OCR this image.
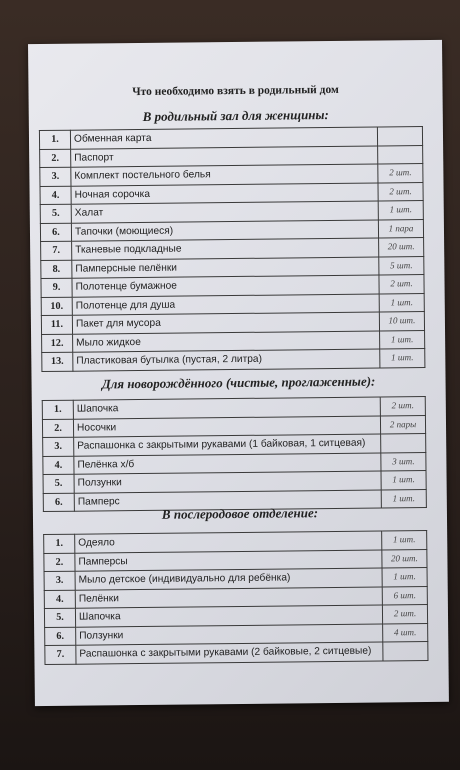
Что необходимо взять в родильный дом
В родильный зал для женщины:
1.	Обменная карта	
2.	Паспорт	
3.	Комплект постельного белья	2 шт.
4.	Ночная сорочка	2 шт.
5.	Халат	1 шт.
6.	Тапочки (моющиеся)	1 пара
7.	Тканевые подкладные	20 шт.
8.	Памперсные пелёнки	5 шт.
9.	Полотенце бумажное	2 шт.
10.	Полотенце для душа	1 шт.
11.	Пакет для мусора	10 шт.
12.	Мыло жидкое	1 шт.
13.	Пластиковая бутылка (пустая, 2 литра)	1 шт.
Для новорождённого (чистые, проглаженные):
1.	Шапочка	2 шт.
2.	Носочки	2 пары
3.	Распашонка с закрытыми рукавами (1 байковая, 1 ситцевая)	
4.	Пелёнка х/б	3 шт.
5.	Ползунки	1 шт.
6.	Памперс	1 шт.
В послеродовое отделение:
1.	Одеяло	1 шт.
2.	Памперсы	20 шт.
3.	Мыло детское (индивидуально для ребёнка)	1 шт.
4.	Пелёнки	6 шт.
5.	Шапочка	2 шт.
6.	Ползунки	4 шт.
7.	Распашонка с закрытыми рукавами (2 байковые, 2 ситцевые)	
